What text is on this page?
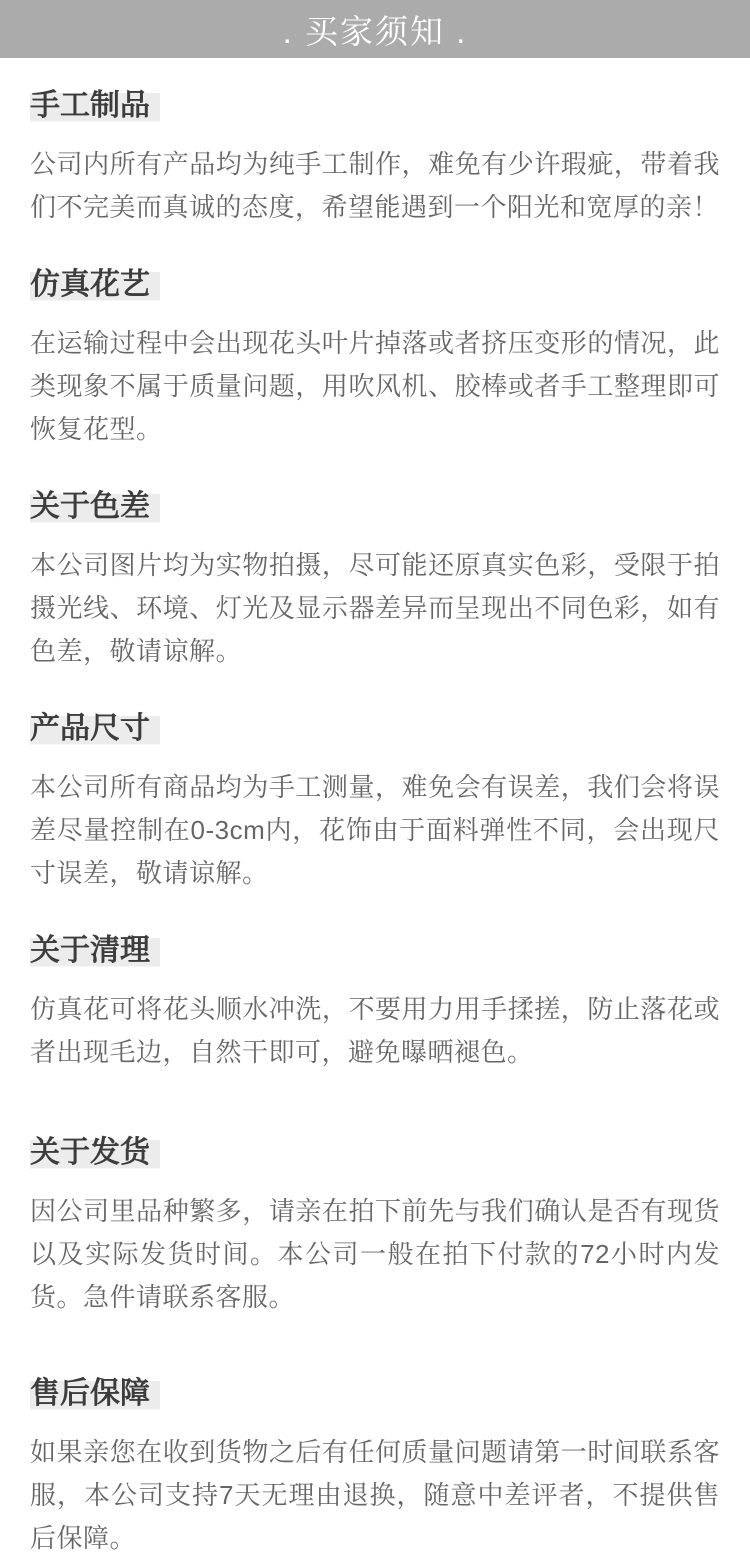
. 买家须知 .
手工制品

公司内所有产品均为纯手工制作，难免有少许瑕疵，带着我们不完美而真诚的态度，希望能遇到一个阳光和宽厚的亲！

仿真花艺

在运输过程中会出现花头叶片掉落或者挤压变形的情况，此类现象不属于质量问题，用吹风机、胶棒或者手工整理即可恢复花型。

关于色差

本公司图片均为实物拍摄，尽可能还原真实色彩，受限于拍摄光线、环境、灯光及显示器差异而呈现出不同色彩，如有色差，敬请谅解。

产品尺寸

本公司所有商品均为手工测量，难免会有误差，我们会将误差尽量控制在0-3cm内，花饰由于面料弹性不同，会出现尺寸误差，敬请谅解。

关于清理

仿真花可将花头顺水冲洗，不要用力用手揉搓，防止落花或者出现毛边，自然干即可，避免曝晒褪色。

关于发货

因公司里品种繁多，请亲在拍下前先与我们确认是否有现货以及实际发货时间。本公司一般在拍下付款的72小时内发货。急件请联系客服。

售后保障

如果亲您在收到货物之后有任何质量问题请第一时间联系客服，本公司支持7天无理由退换，随意中差评者，不提供售后保障。
